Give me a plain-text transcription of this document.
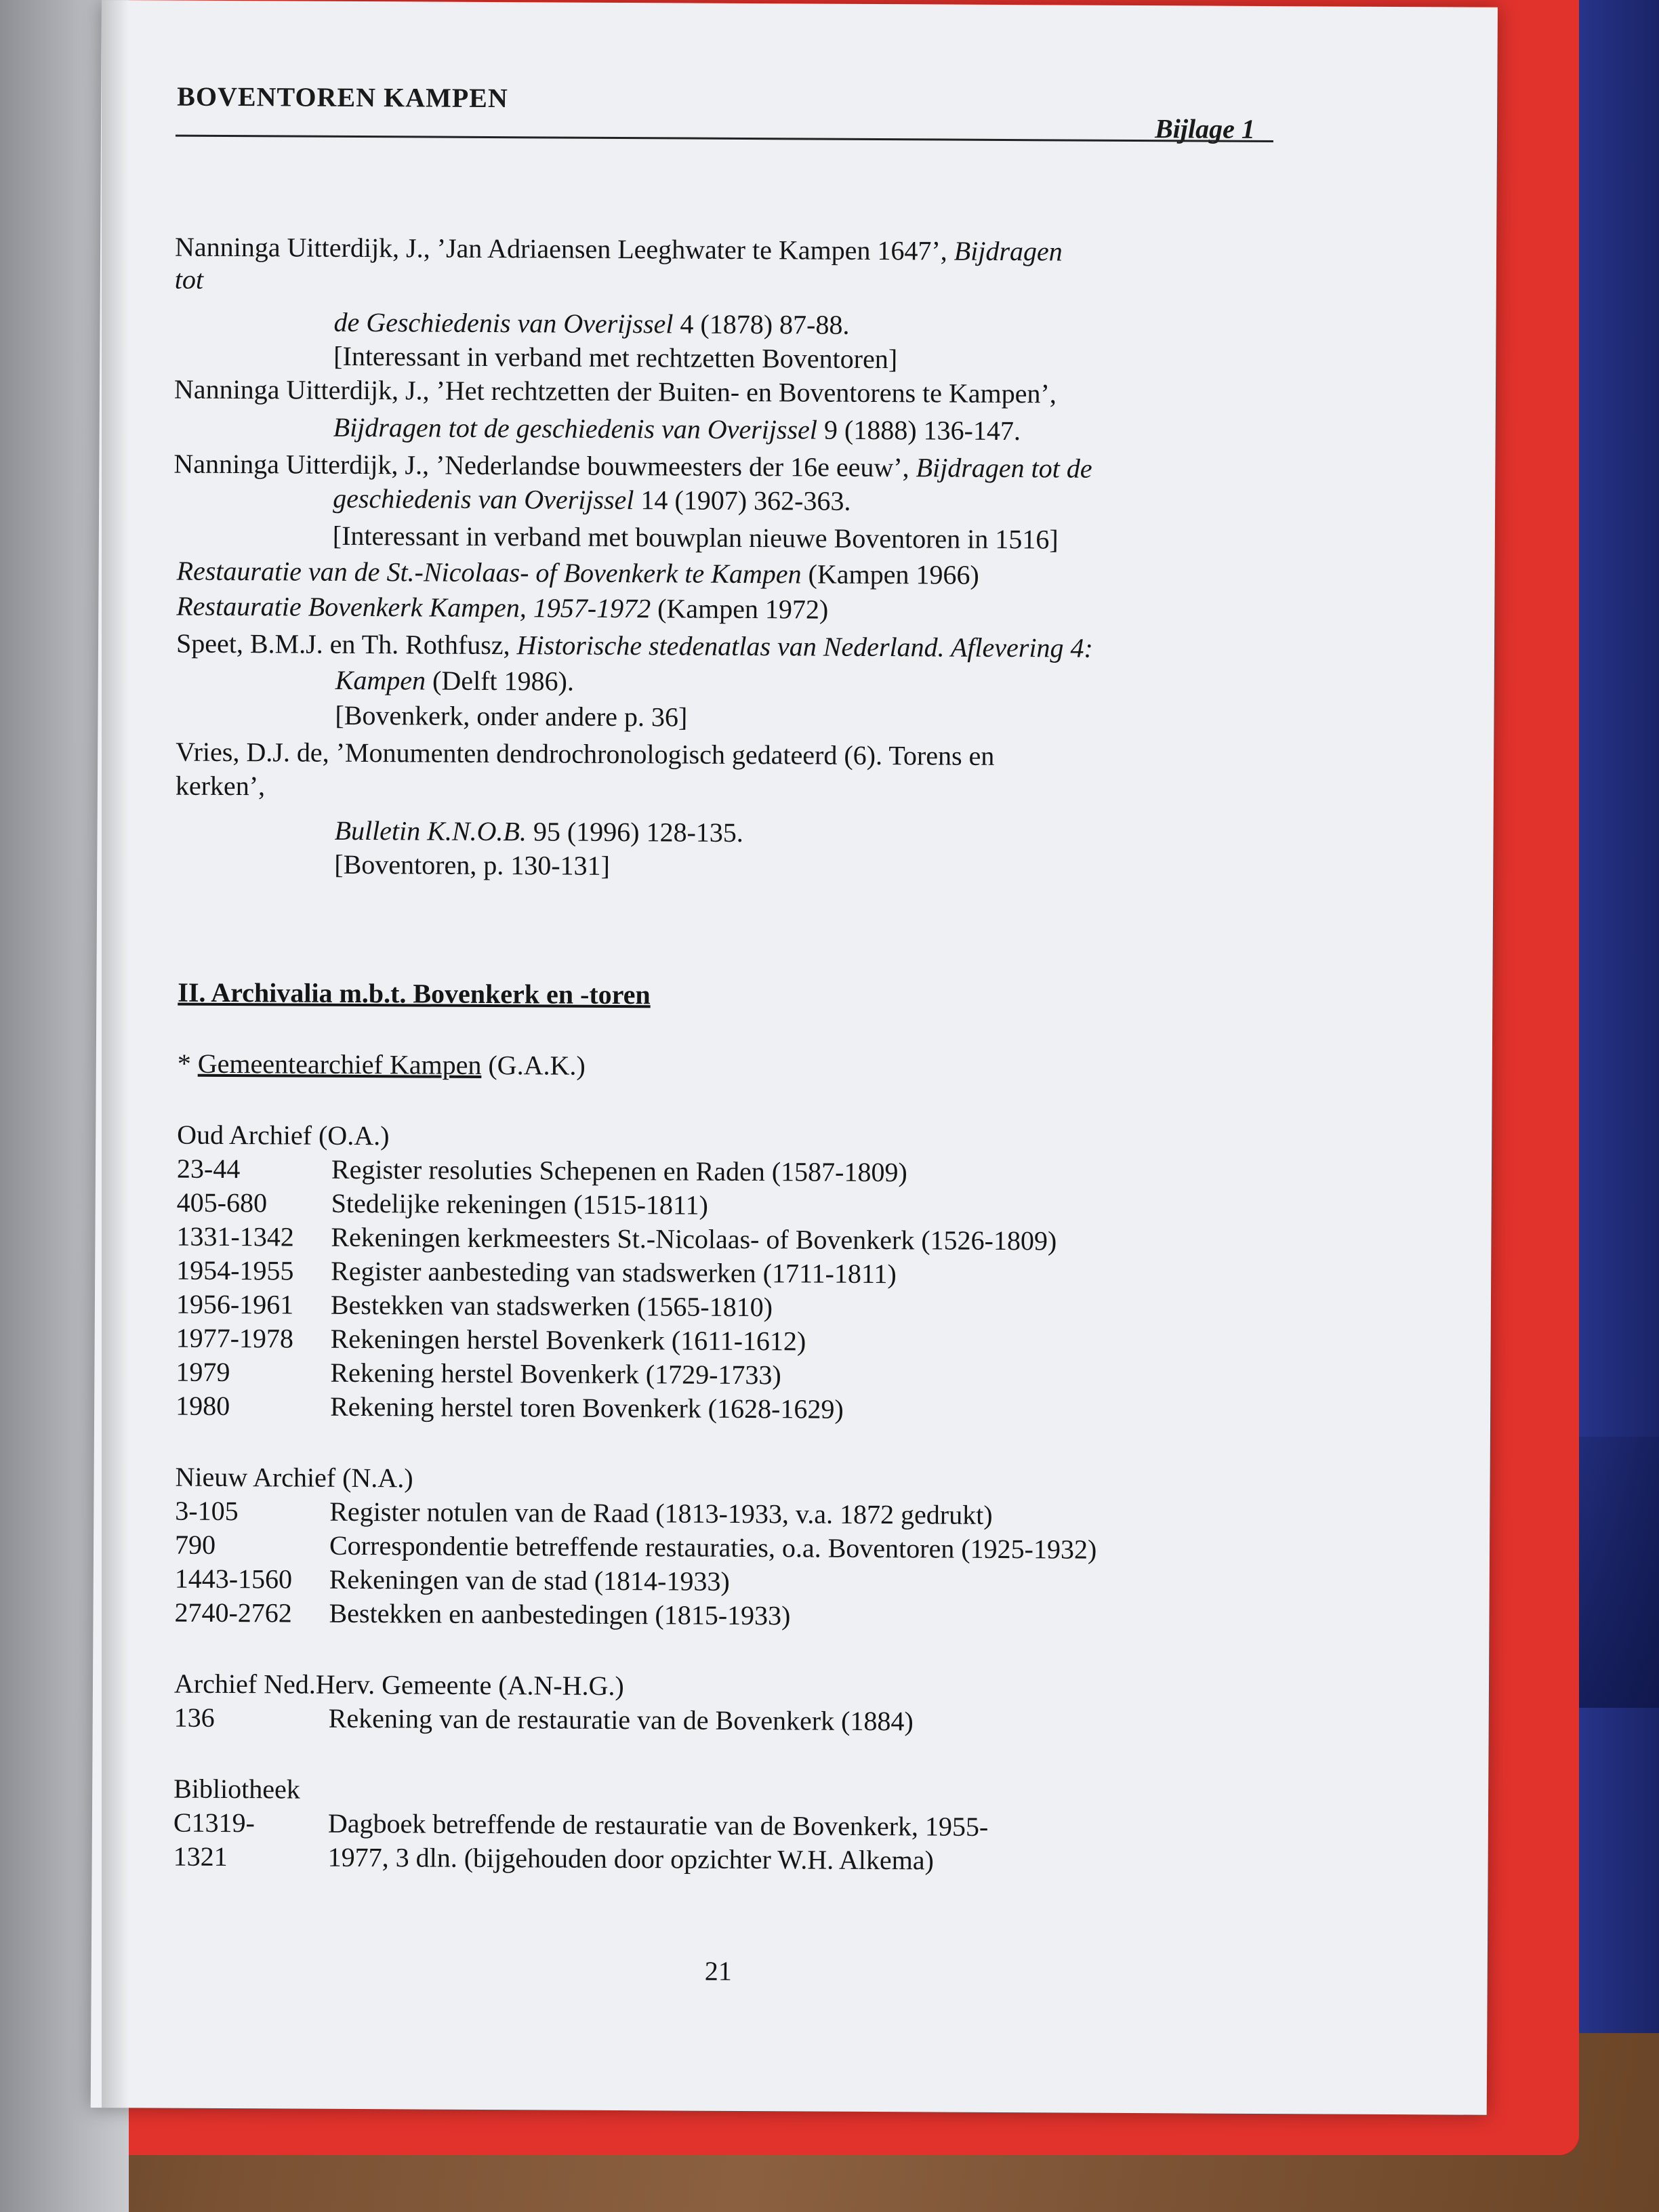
BOVENTOREN KAMPEN
Bijlage 1
Nanninga Uitterdijk, J., ’Jan Adriaensen Leeghwater te Kampen 1647’, Bijdragen
tot
de Geschiedenis van Overijssel 4 (1878) 87-88.
[Interessant in verband met rechtzetten Boventoren]
Nanninga Uitterdijk, J., ’Het rechtzetten der Buiten- en Boventorens te Kampen’,
Bijdragen tot de geschiedenis van Overijssel 9 (1888) 136-147.
Nanninga Uitterdijk, J., ’Nederlandse bouwmeesters der 16e eeuw’, Bijdragen tot de
geschiedenis van Overijssel 14 (1907) 362-363.
[Interessant in verband met bouwplan nieuwe Boventoren in 1516]
Restauratie van de St.-Nicolaas- of Bovenkerk te Kampen (Kampen 1966)
Restauratie Bovenkerk Kampen, 1957-1972 (Kampen 1972)
Speet, B.M.J. en Th. Rothfusz, Historische stedenatlas van Nederland. Aflevering 4:
Kampen (Delft 1986).
[Bovenkerk, onder andere p. 36]
Vries, D.J. de, ’Monumenten dendrochronologisch gedateerd (6). Torens en
kerken’,
Bulletin K.N.O.B. 95 (1996) 128-135.
[Boventoren, p. 130-131]
II. Archivalia m.b.t. Bovenkerk en -toren
* Gemeentearchief Kampen (G.A.K.)
Oud Archief (O.A.)
23-44	Register resoluties Schepenen en Raden (1587-1809)
405-680 Stedelijke rekeningen (1515-1811)
1331-1342 Rekeningen kerkmeesters St.-Nicolaas- of Bovenkerk (1526-1809)
1954-1955 Register aanbesteding van stadswerken (1711-1811)
1956-1961 Bestekken van stadswerken (1565-1810)
1977-1978 Rekeningen herstel Bovenkerk (1611-1612)
1979	Rekening herstel Bovenkerk (1729-1733)
1980	Rekening herstel toren Bovenkerk (1628-1629)
Nieuw Archief (N.A.)
3-105	Register notulen van de Raad (1813-1933, v.a. 1872 gedrukt)
790	Correspondentie betreffende restauraties, o.a. Boventoren (1925-1932)
1443-1560 Rekeningen van de stad (1814-1933)
2740-2762 Bestekken en aanbestedingen (1815-1933)
Archief Ned.Herv. Gemeente (A.N-H.G.)
136	Rekening van de restauratie van de Bovenkerk (1884)
Bibliotheek
C1319-	Dagboek betreffende de restauratie van de Bovenkerk, 1955-
1321	1977, 3 dln. (bijgehouden door opzichter W.H. Alkema)
21
